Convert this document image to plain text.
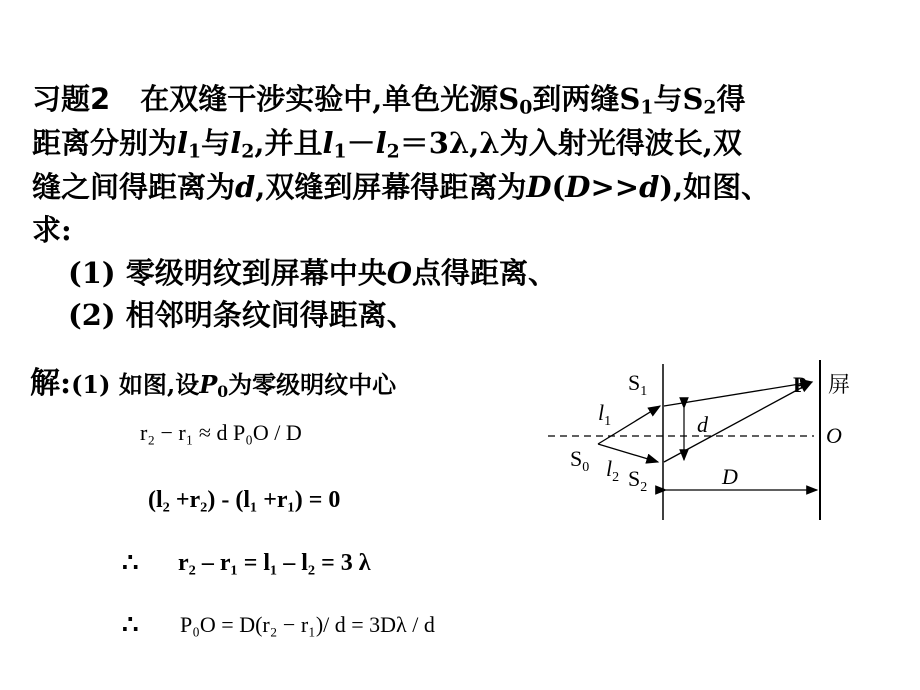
习题2 在双缝干涉实验中,单色光源$S_0$到两缝$S_1$与$S_2$得
距离分别为$l_1$与$l_2$,并且$l_1-l_2=3\lambda,\lambda$为入射光得波长,双
缝之间得距离为d,双缝到屏幕得距离为D(D>>d),如图、
求:
(1) 零级明纹到屏幕中央O点得距离、
(2) 相邻明条纹间得距离、
解:(1) 如图,设$P_0$为零级明纹中心
r₂ − r₁ ≈ d P₀O / D
(l₂ +r₂) - (l₁ +r₁) = 0
∴ r₂ – r₁ = l₁ – l₂ = 3 λ
∴ P₀O = D(r₂ − r₁)/ d = 3Dλ / d
$S_1$
$l_1$
$S_0$ $l_2$ $S_2$
d
D
O
P 屏
